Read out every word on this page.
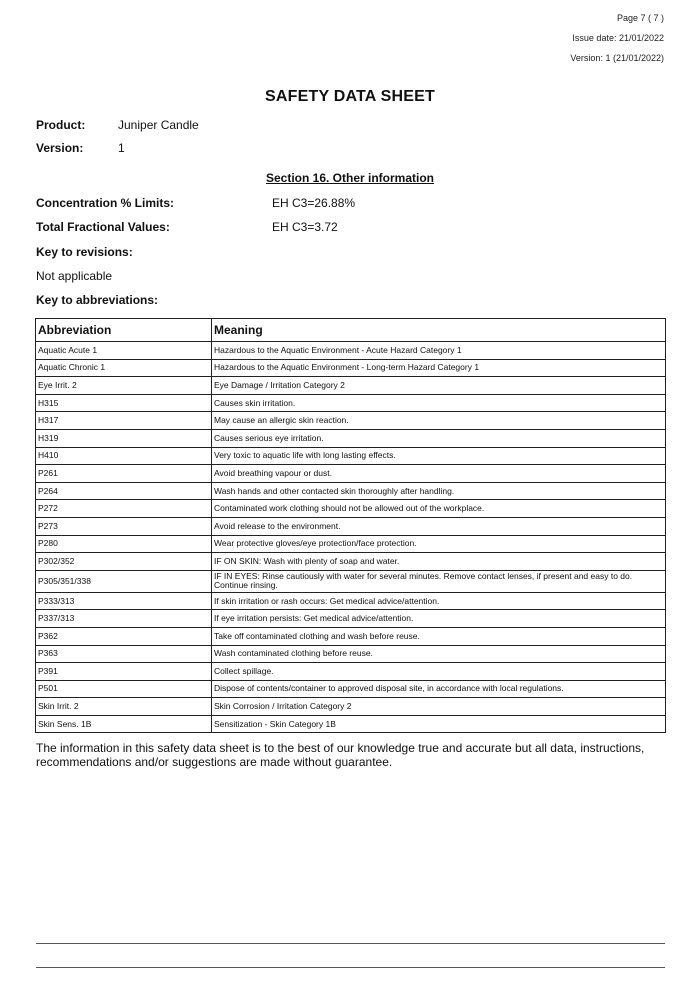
Page 7 ( 7 )
Issue date: 21/01/2022
Version: 1 (21/01/2022)
SAFETY DATA SHEET
Product:	Juniper Candle
Version:	1
Section 16. Other information
Concentration % Limits:	EH C3=26.88%
Total Fractional Values:	EH C3=3.72
Key to revisions:
Not applicable
Key to abbreviations:
Abbreviation	Meaning
Aquatic Acute 1	Hazardous to the Aquatic Environment - Acute Hazard Category 1
Aquatic Chronic 1	Hazardous to the Aquatic Environment - Long-term Hazard Category 1
Eye Irrit. 2	Eye Damage / Irritation Category 2
H315	Causes skin irritation.
H317	May cause an allergic skin reaction.
H319	Causes serious eye irritation.
H410	Very toxic to aquatic life with long lasting effects.
P261	Avoid breathing vapour or dust.
P264	Wash hands and other contacted skin thoroughly after handling.
P272	Contaminated work clothing should not be allowed out of the workplace.
P273	Avoid release to the environment.
P280	Wear protective gloves/eye protection/face protection.
P302/352	IF ON SKIN: Wash with plenty of soap and water.
P305/351/338	IF IN EYES: Rinse cautiously with water for several minutes. Remove contact lenses, if present and easy to do. Continue rinsing.
P333/313	If skin irritation or rash occurs: Get medical advice/attention.
P337/313	If eye irritation persists: Get medical advice/attention.
P362	Take off contaminated clothing and wash before reuse.
P363	Wash contaminated clothing before reuse.
P391	Collect spillage.
P501	Dispose of contents/container to approved disposal site, in accordance with local regulations.
Skin Irrit. 2	Skin Corrosion / Irritation Category 2
Skin Sens. 1B	Sensitization - Skin Category 1B
The information in this safety data sheet is to the best of our knowledge true and accurate but all data, instructions, recommendations and/or suggestions are made without guarantee.
